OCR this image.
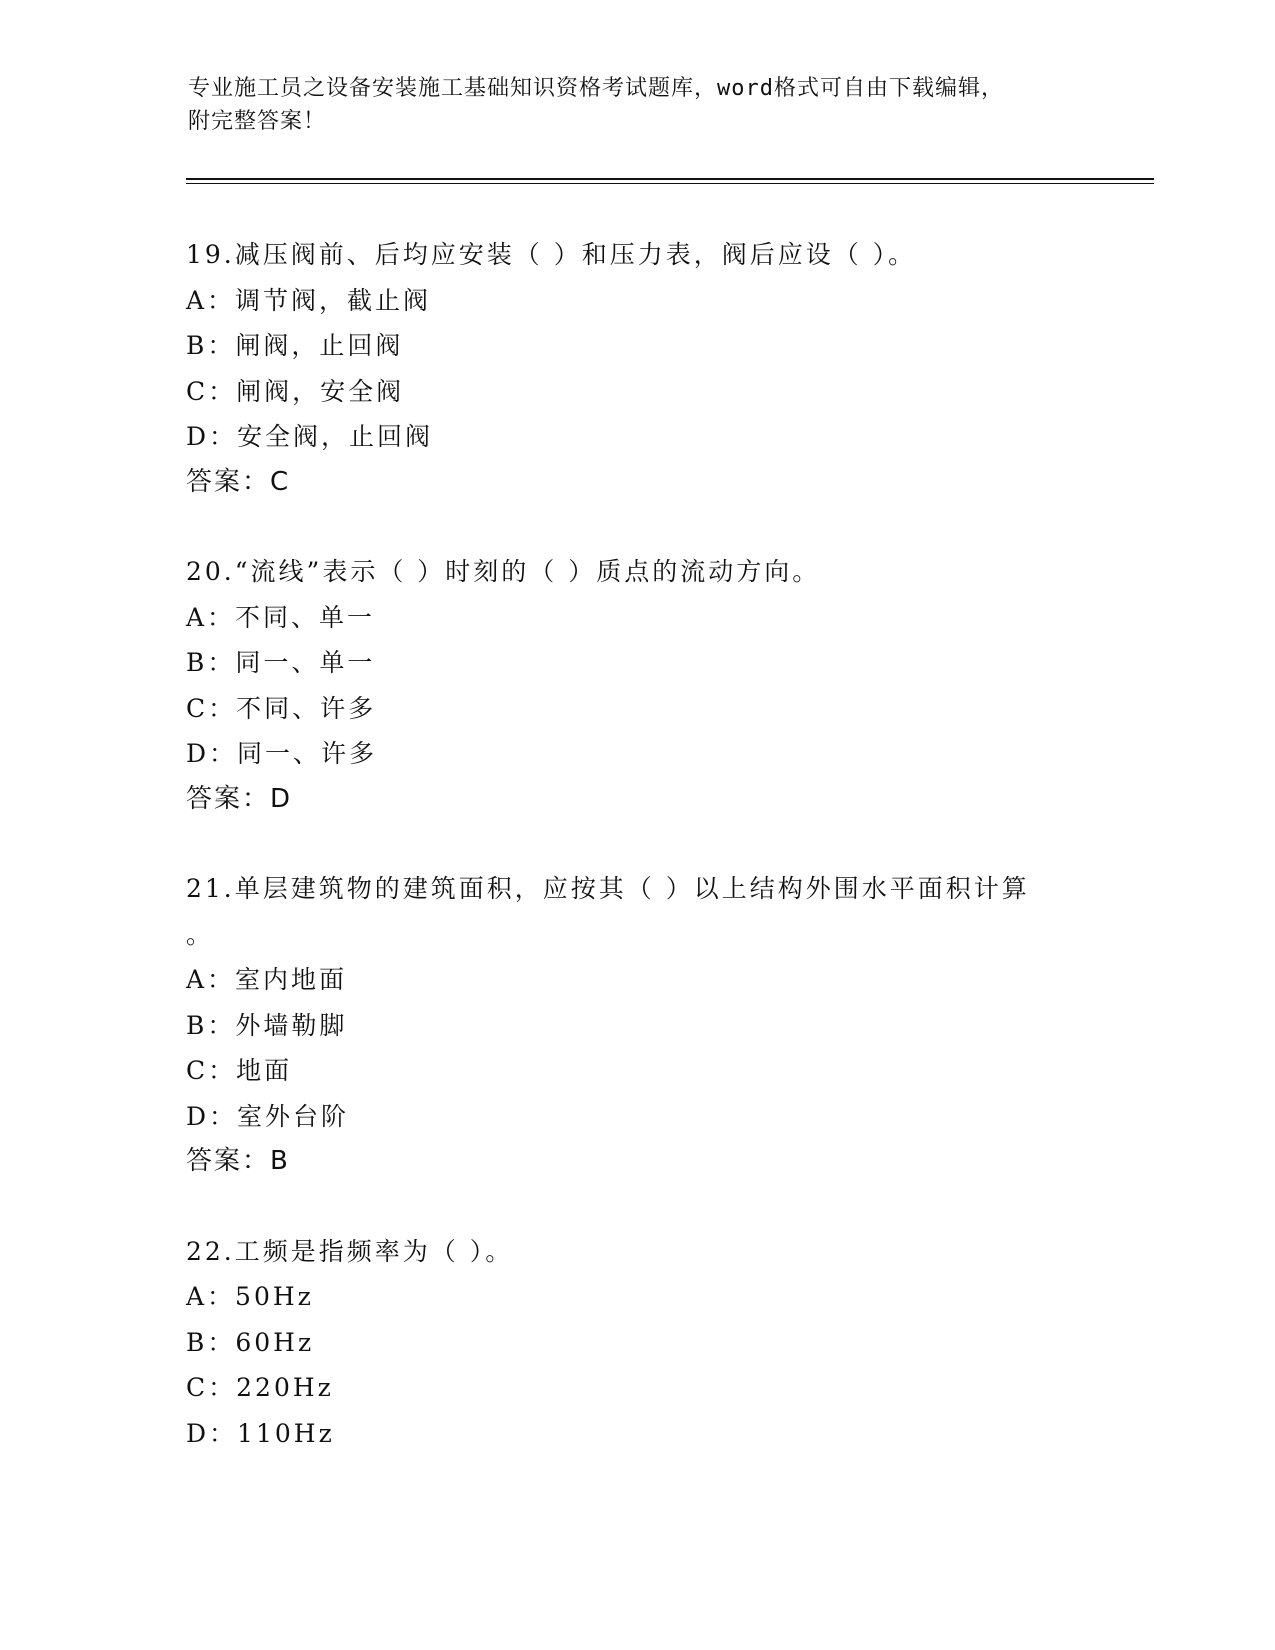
专业施工员之设备安装施工基础知识资格考试题库，word格式可自由下载编辑，
附完整答案！
19.减压阀前、后均应安装（ ）和压力表，阀后应设（ ）。
A：调节阀，截止阀
B：闸阀，止回阀
C：闸阀，安全阀
D：安全阀，止回阀
答案：C
20.“流线”表示（ ）时刻的（ ）质点的流动方向。
A：不同、单一
B：同一、单一
C：不同、许多
D：同一、许多
答案：D
21.单层建筑物的建筑面积，应按其（ ）以上结构外围水平面积计算
。
A：室内地面
B：外墙勒脚
C：地面
D：室外台阶
答案：B
22.工频是指频率为（ ）。
A：50Hz
B：60Hz
C：220Hz
D：110Hz
